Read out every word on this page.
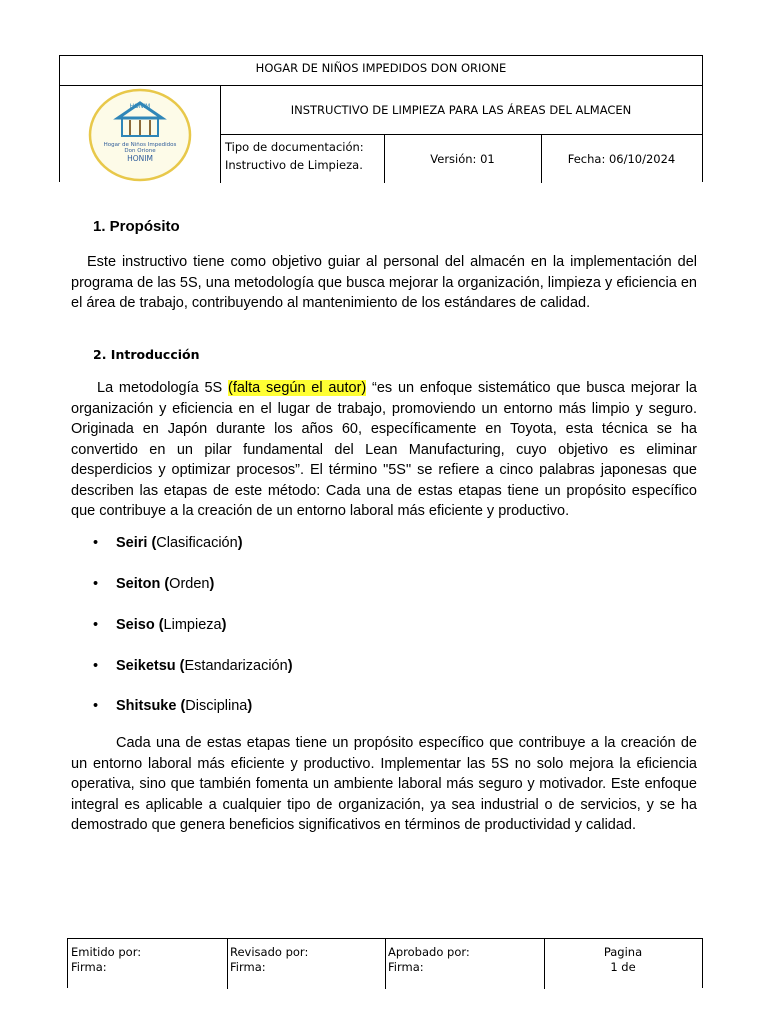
HOGAR DE NIÑOS IMPEDIDOS DON ORIONE
HONIM
Hogar de Niños Impedidos
Don Orione
HONIM
INSTRUCTIVO DE LIMPIEZA PARA LAS ÁREAS DEL ALMACEN
Tipo de documentación:
Instructivo de Limpieza.	Versión: 01	Fecha: 06/10/2024
1. Propósito
Este instructivo tiene como objetivo guiar al personal del almacén en la implementación del programa de las 5S, una metodología que busca mejorar la organización, limpieza y eficiencia en el área de trabajo, contribuyendo al mantenimiento de los estándares de calidad.
2. Introducción
La metodología 5S (falta según el autor) “es un enfoque sistemático que busca mejorar la organización y eficiencia en el lugar de trabajo, promoviendo un entorno más limpio y seguro. Originada en Japón durante los años 60, específicamente en Toyota, esta técnica se ha convertido en un pilar fundamental del Lean Manufacturing, cuyo objetivo es eliminar desperdicios y optimizar procesos”. El término "5S" se refiere a cinco palabras japonesas que describen las etapas de este método: Cada una de estas etapas tiene un propósito específico que contribuye a la creación de un entorno laboral más eficiente y productivo.
• Seiri (Clasificación)
• Seiton (Orden)
• Seiso (Limpieza)
• Seiketsu (Estandarización)
• Shitsuke (Disciplina)
Cada una de estas etapas tiene un propósito específico que contribuye a la creación de un entorno laboral más eficiente y productivo. Implementar las 5S no solo mejora la eficiencia operativa, sino que también fomenta un ambiente laboral más seguro y motivador. Este enfoque integral es aplicable a cualquier tipo de organización, ya sea industrial o de servicios, y se ha demostrado que genera beneficios significativos en términos de productividad y calidad.
Emitido por:
Firma:
Revisado por:
Firma:
Aprobado por:
Firma:
Pagina
1 de
